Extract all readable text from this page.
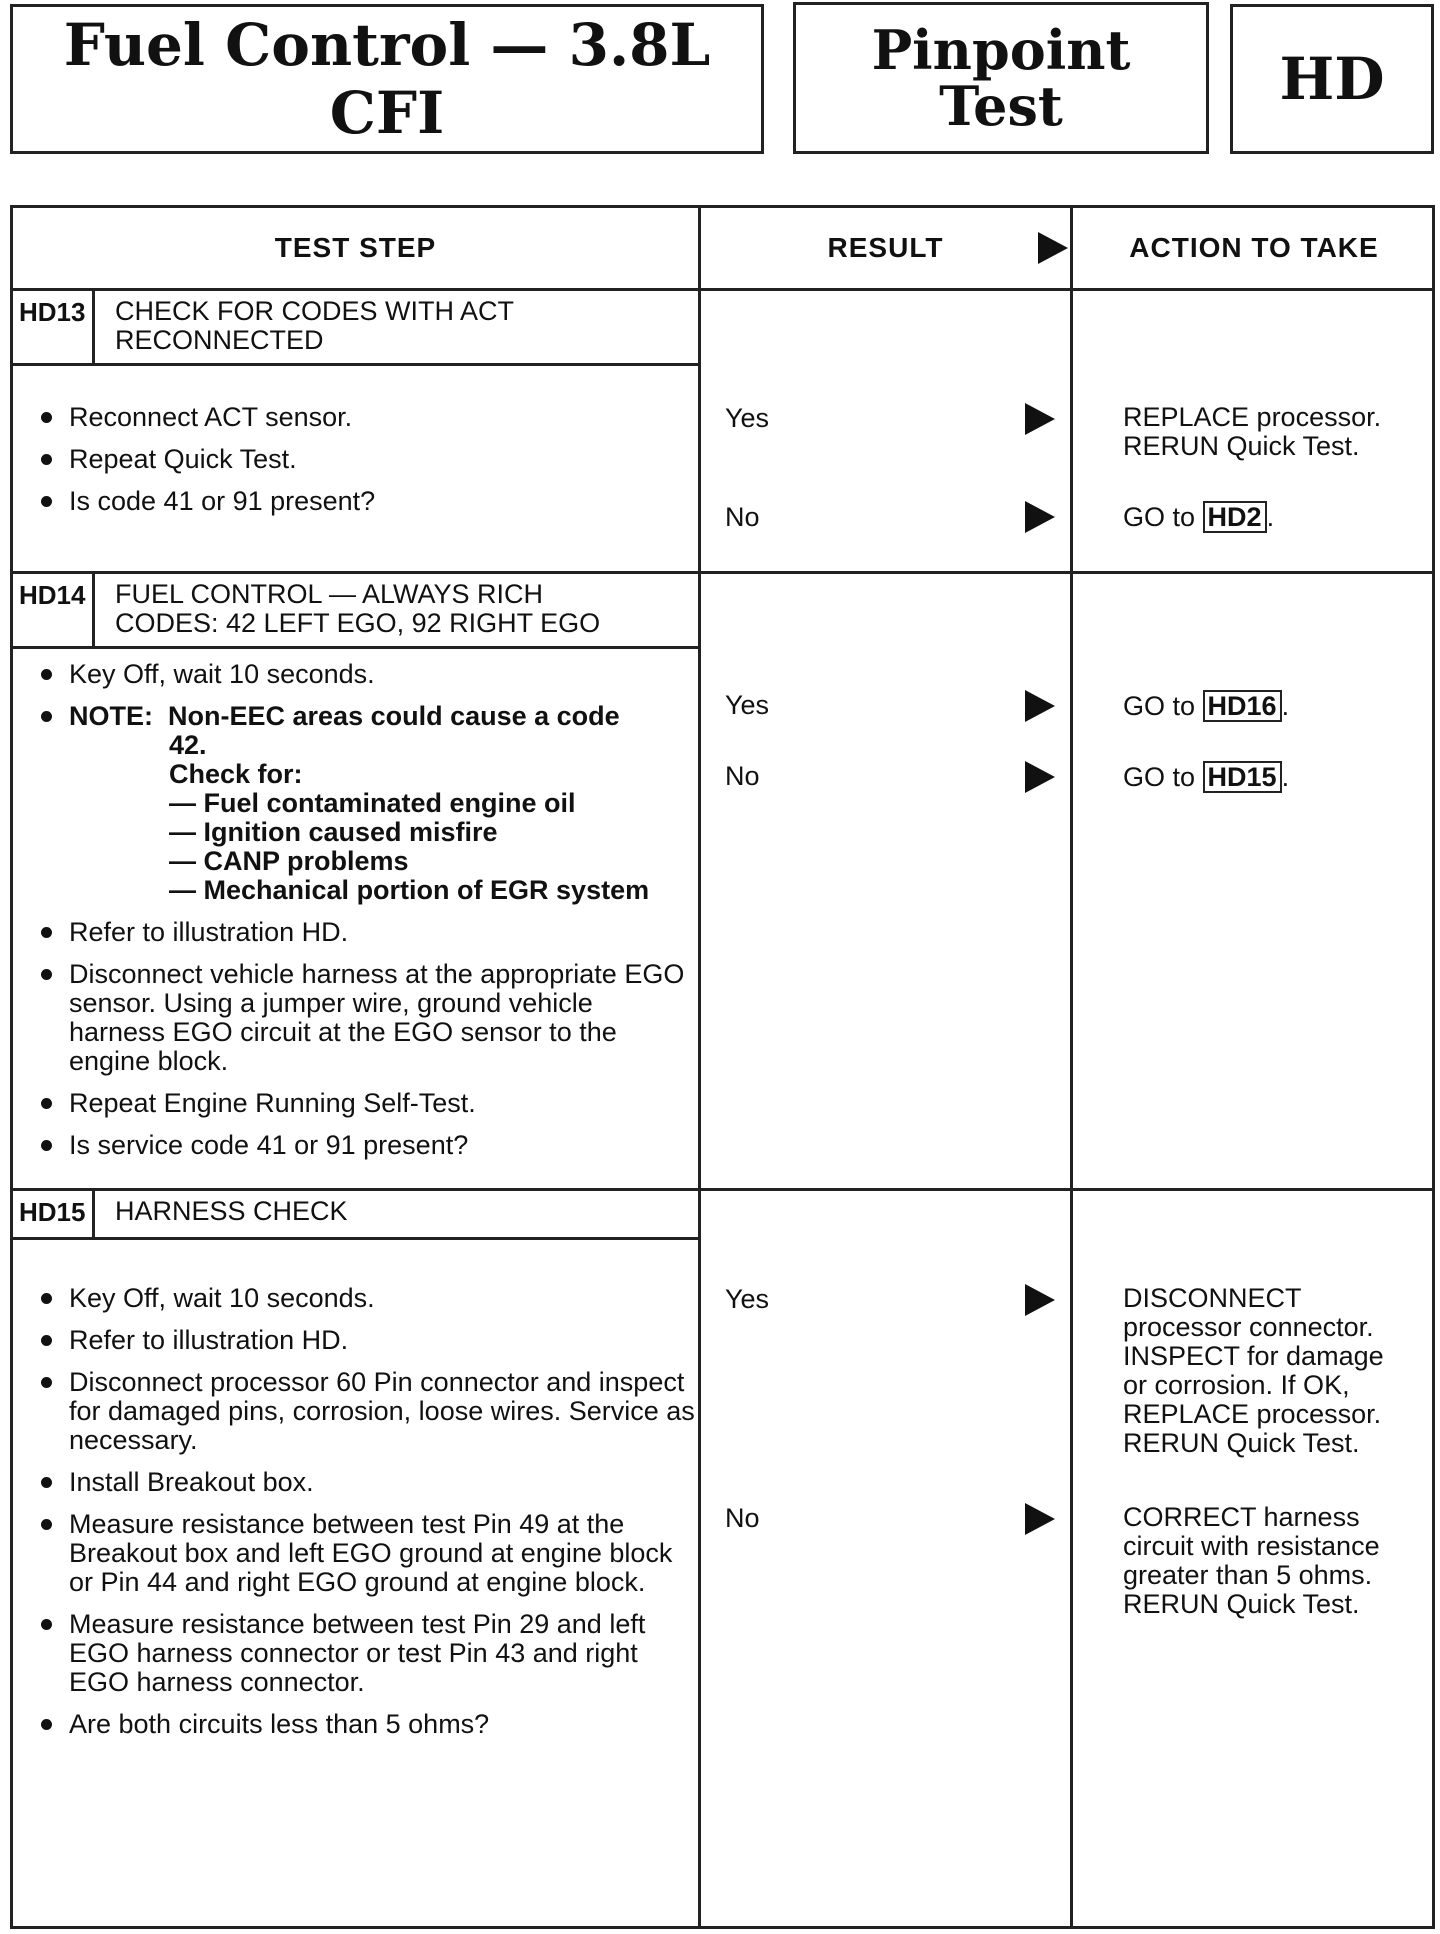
Fuel Control — 3.8L CFI
Pinpoint
Test	HD
TEST STEP	RESULT	ACTION TO TAKE
HD13	CHECK FOR CODES WITH ACT
RECONNECTED
Reconnect ACT sensor.
Repeat Quick Test.
Is code 41 or 91 present?
Yes	REPLACE processor.
RERUN Quick Test.
No	GO to HD2 .
HD14	FUEL CONTROL — ALWAYS RICH
CODES: 42 LEFT EGO, 92 RIGHT EGO
Key Off, wait 10 seconds.
NOTE: Non-EEC areas could cause a code
42.
Check for:
— Fuel contaminated engine oil
— Ignition caused misfire
— CANP problems
— Mechanical portion of EGR system
Refer to illustration HD.
Disconnect vehicle harness at the appropriate EGO sensor. Using a jumper wire, ground vehicle harness EGO circuit at the EGO sensor to the engine block.
Repeat Engine Running Self-Test.
Is service code 41 or 91 present?
Yes	GO to HD16 .
No	GO to HD15 .
HD15	HARNESS CHECK
Key Off, wait 10 seconds.
Refer to illustration HD.
Disconnect processor 60 Pin connector and inspect for damaged pins, corrosion, loose wires. Service as necessary.
Install Breakout box.
Measure resistance between test Pin 49 at the Breakout box and left EGO ground at engine block or Pin 44 and right EGO ground at engine block.
Measure resistance between test Pin 29 and left EGO harness connector or test Pin 43 and right EGO harness connector.
Are both circuits less than 5 ohms?
Yes	DISCONNECT processor connector. INSPECT for damage or corrosion. If OK, REPLACE processor. RERUN Quick Test.
No	CORRECT harness circuit with resistance greater than 5 ohms. RERUN Quick Test.
